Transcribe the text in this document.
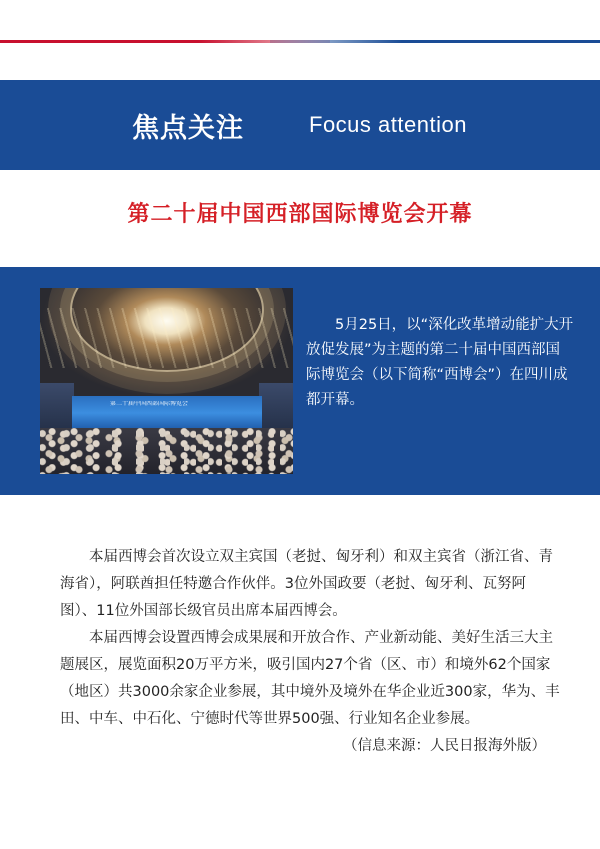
焦点关注	Focus attention
第二十届中国西部国际博览会开幕
第二十届中国西部国际博览会

5月25日，以“深化改革增动能扩大开放促发展”为主题的第二十届中国西部国际博览会（以下简称“西博会”）在四川成都开幕。

本届西博会首次设立双主宾国（老挝、匈牙利）和双主宾省（浙江省、青海省），阿联酋担任特邀合作伙伴。3位外国政要（老挝、匈牙利、瓦努阿图）、11位外国部长级官员出席本届西博会。

本届西博会设置西博会成果展和开放合作、产业新动能、美好生活三大主题展区，展览面积20万平方米，吸引国内27个省（区、市）和境外62个国家（地区）共3000余家企业参展，其中境外及境外在华企业近300家，华为、丰田、中车、中石化、宁德时代等世界500强、行业知名企业参展。
（信息来源：人民日报海外版）
